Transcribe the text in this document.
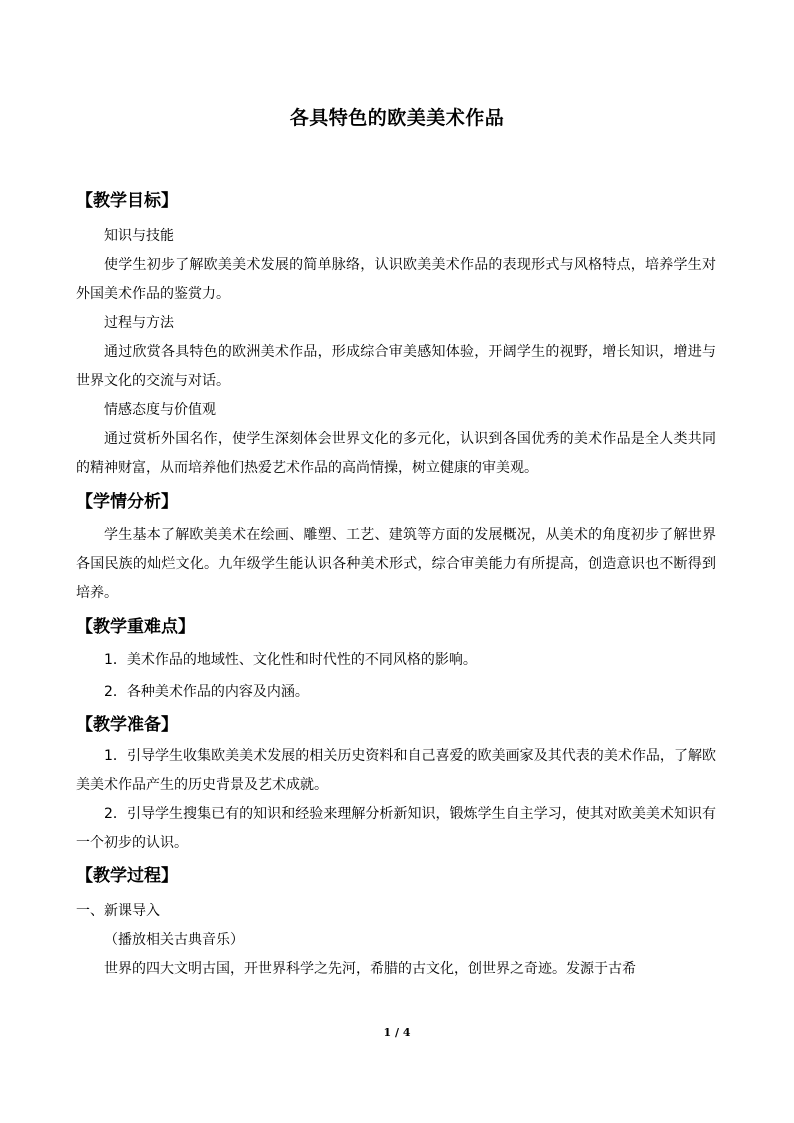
各具特色的欧美美术作品
【教学目标】
知识与技能
使学生初步了解欧美美术发展的简单脉络，认识欧美美术作品的表现形式与风格特点，培养学生对外国美术作品的鉴赏力。
过程与方法
通过欣赏各具特色的欧洲美术作品，形成综合审美感知体验，开阔学生的视野，增长知识，增进与世界文化的交流与对话。
情感态度与价值观
通过赏析外国名作，使学生深刻体会世界文化的多元化，认识到各国优秀的美术作品是全人类共同的精神财富，从而培养他们热爱艺术作品的高尚情操，树立健康的审美观。
【学情分析】
学生基本了解欧美美术在绘画、雕塑、工艺、建筑等方面的发展概况，从美术的角度初步了解世界各国民族的灿烂文化。九年级学生能认识各种美术形式，综合审美能力有所提高，创造意识也不断得到培养。
【教学重难点】
1．美术作品的地域性、文化性和时代性的不同风格的影响。
2．各种美术作品的内容及内涵。
【教学准备】
1．引导学生收集欧美美术发展的相关历史资料和自己喜爱的欧美画家及其代表的美术作品，了解欧美美术作品产生的历史背景及艺术成就。
2．引导学生搜集已有的知识和经验来理解分析新知识，锻炼学生自主学习，使其对欧美美术知识有一个初步的认识。
【教学过程】
一、新课导入
（播放相关古典音乐）
世界的四大文明古国，开世界科学之先河，希腊的古文化，创世界之奇迹。发源于古希
1 / 4
